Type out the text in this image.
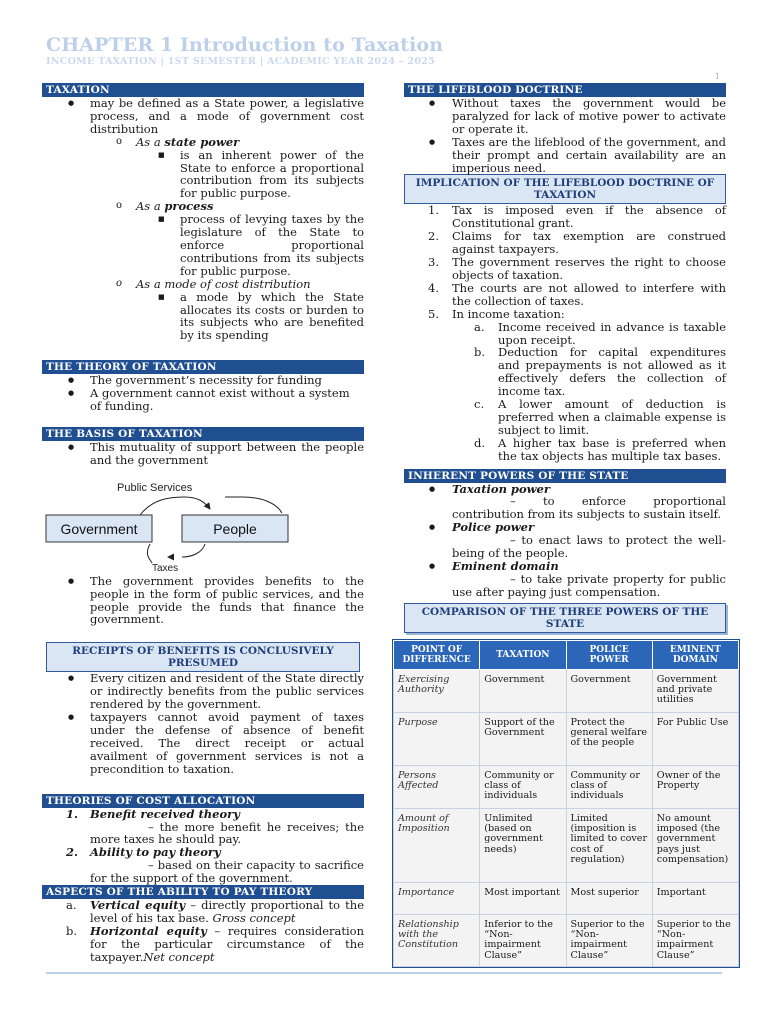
CHAPTER 1 Introduction to Taxation
INCOME TAXATION | 1ST SEMESTER | ACADEMIC YEAR 2024 – 2025
1
TAXATION
● may be defined as a State power, a legislative process, and a mode of government cost distribution
o As a state power
■ is an inherent power of the State to enforce a proportional contribution from its subjects for public purpose.
o As a process
■ process of levying taxes by the legislature of the State to enforce proportional contributions from its subjects for public purpose.
o As a mode of cost distribution
■ a mode by which the State allocates its costs or burden to its subjects who are benefited by its spending
THE THEORY OF TAXATION
● The government’s necessity for funding
● A government cannot exist without a system of funding.
THE BASIS OF TAXATION
● This mutuality of support between the people and the government
Public Services
Government	People
Taxes
● The government provides benefits to the people in the form of public services, and the people provide the funds that finance the government.
RECEIPTS OF BENEFITS IS CONCLUSIVELY PRESUMED
● Every citizen and resident of the State directly or indirectly benefits from the public services rendered by the government.
● taxpayers cannot avoid payment of taxes under the defense of absence of benefit received. The direct receipt or actual availment of government services is not a precondition to taxation.
THEORIES OF COST ALLOCATION
1. Benefit received theory
– the more benefit he receives; the more taxes he should pay.
2. Ability to pay theory
– based on their capacity to sacrifice for the support of the government.
ASPECTS OF THE ABILITY TO PAY THEORY
a. Vertical equity – directly proportional to the level of his tax base. Gross concept
b. Horizontal equity – requires consideration for the particular circumstance of the taxpayer.Net concept
THE LIFEBLOOD DOCTRINE
● Without taxes the government would be paralyzed for lack of motive power to activate or operate it.
● Taxes are the lifeblood of the government, and their prompt and certain availability are an imperious need.
IMPLICATION OF THE LIFEBLOOD DOCTRINE OF TAXATION
1. Tax is imposed even if the absence of Constitutional grant.
2. Claims for tax exemption are construed against taxpayers.
3. The government reserves the right to choose objects of taxation.
4. The courts are not allowed to interfere with the collection of taxes.
5. In income taxation:
a. Income received in advance is taxable upon receipt.
b. Deduction for capital expenditures and prepayments is not allowed as it effectively defers the collection of income tax.
c. A lower amount of deduction is preferred when a claimable expense is subject to limit.
d. A higher tax base is preferred when the tax objects has multiple tax bases.
INHERENT POWERS OF THE STATE
● Taxation power
– to enforce proportional contribution from its subjects to sustain itself.
● Police power
– to enact laws to protect the well-being of the people.
● Eminent domain
– to take private property for public use after paying just compensation.
COMPARISON OF THE THREE POWERS OF THE STATE
POINT OF DIFFERENCE	TAXATION	POLICE POWER	EMINENT DOMAIN
Exercising Authority	Government	Government	Government and private utilities
Purpose	Support of the Government	Protect the general welfare of the people	For Public Use
Persons Affected	Community or class of individuals	Community or class of individuals	Owner of the Property
Amount of Imposition	Unlimited (based on government needs)	Limited (imposition is limited to cover cost of regulation)	No amount imposed (the government pays just compensation)
Importance	Most important	Most superior	Important
Relationship with the Constitution	Inferior to the “Non-impairment Clause”	Superior to the “Non-impairment Clause”	Superior to the “Non-impairment Clause”
